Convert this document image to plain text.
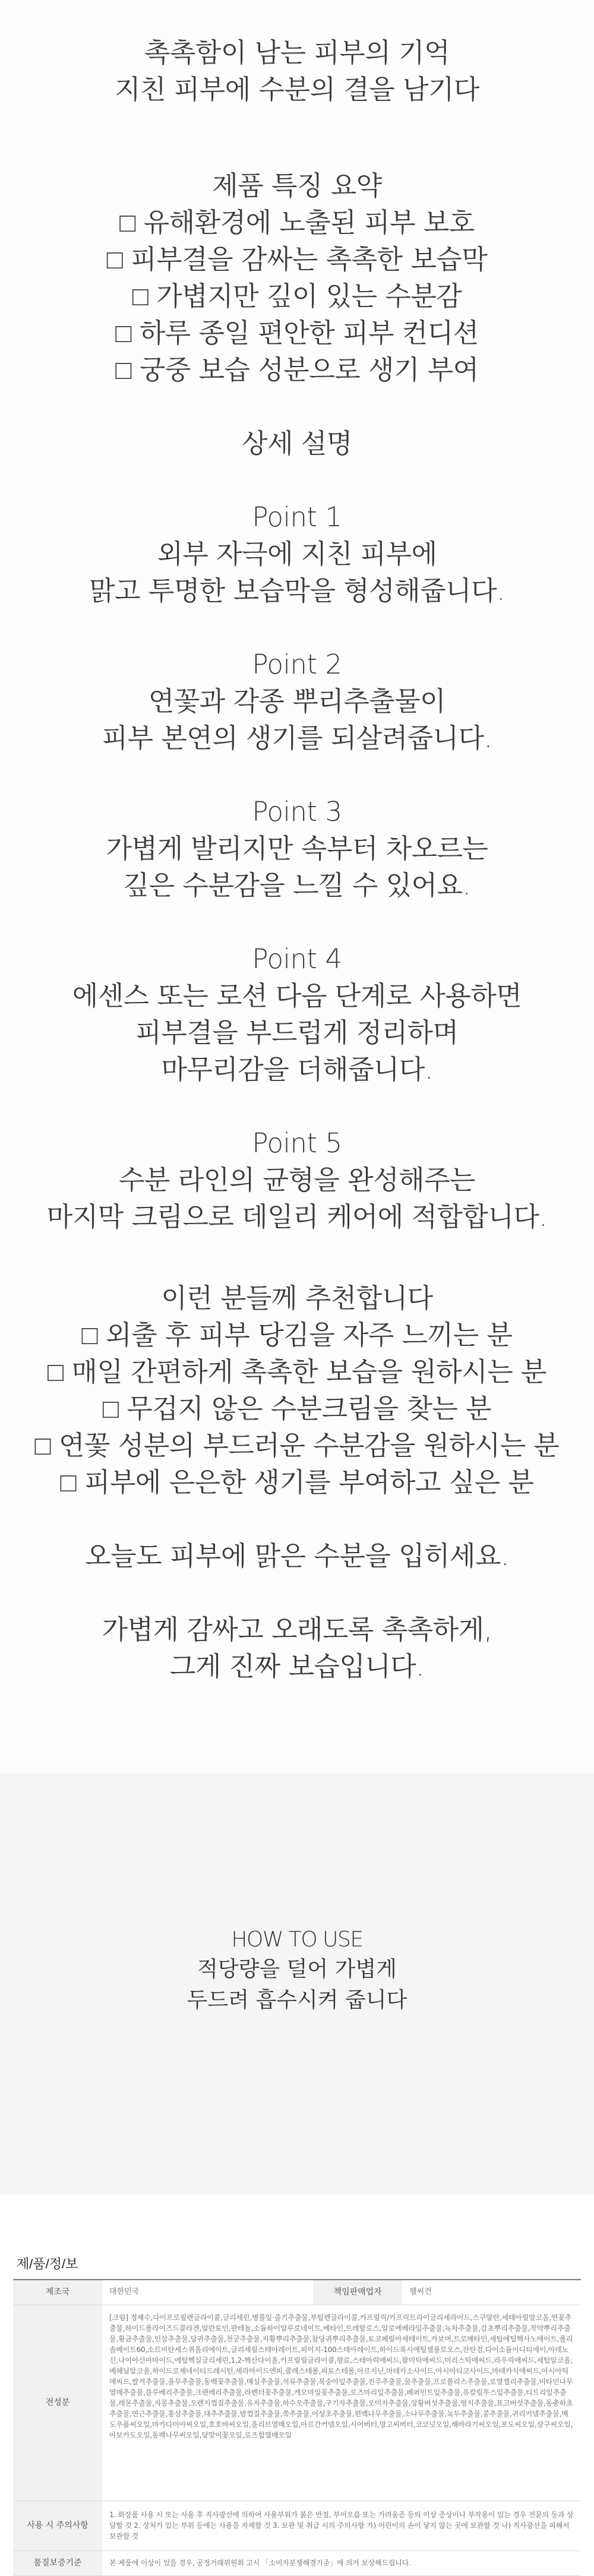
촉촉함이 남는 피부의 기억
지친 피부에 수분의 결을 남기다
제품 특징 요약
□ 유해환경에 노출된 피부 보호
□ 피부결을 감싸는 촉촉한 보습막
□ 가볍지만 깊이 있는 수분감
□ 하루 종일 편안한 피부 컨디션
□ 궁중 보습 성분으로 생기 부여
상세 설명
Point 1
외부 자극에 지친 피부에
맑고 투명한 보습막을 형성해줍니다.
Point 2
연꽃과 각종 뿌리추출물이
피부 본연의 생기를 되살려줍니다.
Point 3
가볍게 발리지만 속부터 차오르는
깊은 수분감을 느낄 수 있어요.
Point 4
에센스 또는 로션 다음 단계로 사용하면
피부결을 부드럽게 정리하며
마무리감을 더해줍니다.
Point 5
수분 라인의 균형을 완성해주는
마지막 크림으로 데일리 케어에 적합합니다.
이런 분들께 추천합니다
□ 외출 후 피부 당김을 자주 느끼는 분
□ 매일 간편하게 촉촉한 보습을 원하시는 분
□ 무겁지 않은 수분크림을 찾는 분
□ 연꽃 성분의 부드러운 수분감을 원하시는 분
□ 피부에 은은한 생기를 부여하고 싶은 분
오늘도 피부에 맑은 수분을 입히세요.
가볍게 감싸고 오래도록 촉촉하게,
그게 진짜 보습입니다.
HOW TO USE
적당량을 덜어 가볍게
두드려 흡수시켜 줍니다
제/품/정/보
제조국	대한민국	책임판매업자	웰씨건
전성분	[크림] 정제수,다이프로필렌글라이콜,글리세린,병풀잎·줄기추출물,부틸렌글라이콜,카프릴릭/카프릭트라이글리세라이드,스쿠알란,세테아릴알코올,연꽃추출물,하이드롤라이즈드콜라겐,알란토인,판테놀,소듐하이알루로네이트,베타인,트레할로스,알로에베라잎추출물,녹차추출물,감초뿌리추출물,작약뿌리추출물,황금추출물,인삼추출물,당귀추출물,천궁추출물,지황뿌리추출물,참당귀뿌리추출물,토코페릴아세테이트,카보머,트로메타민,세틸에틸헥사노에이트,폴리솔베이트60,소르비탄세스퀴올리에이트,글리세릴스테아레이트,피이지-100스테아레이트,하이드록시에틸셀룰로오스,잔탄검,다이소듐이디티에이,아데노신,나이아신아마이드,에틸헥실글리세린,1,2-헥산다이올,카프릴릴글라이콜,향료,스테아릭애씨드,팔미틱애씨드,미리스틱애씨드,라우릭애씨드,세틸알코올,베헤닐알코올,하이드로제네이티드레시틴,세라마이드엔피,콜레스테롤,피토스테롤,아르지닌,마데카소사이드,아시아티코사이드,마데카식애씨드,아시아틱애씨드,쌀겨추출물,율무추출물,동백꽃추출물,매실추출물,석류추출물,복숭아잎추출물,진주추출물,꿀추출물,프로폴리스추출물,로열젤리추출물,비타민나무열매추출물,블루베리추출물,크랜베리추출물,라벤더꽃추출물,캐모마일꽃추출물,로즈마리잎추출물,페퍼민트잎추출물,유칼립투스잎추출물,티트리잎추출물,레몬추출물,자몽추출물,오렌지껍질추출물,유자추출물,하수오추출물,구기자추출물,오미자추출물,상황버섯추출물,영지추출물,표고버섯추출물,동충하초추출물,연근추출물,홍삼추출물,대추추출물,밤껍질추출물,쑥추출물,어성초추출물,편백나무추출물,소나무추출물,녹두추출물,콩추출물,귀리커넬추출물,메도우폼씨오일,마카다미아씨오일,호호바씨오일,올리브열매오일,아르간커넬오일,시어버터,망고씨버터,코코넛오일,해바라기씨오일,포도씨오일,살구씨오일,아보카도오일,동백나무씨오일,달맞이꽃오일,로즈힙열매오일		
사용 시 주의사항	1. 화장품 사용 시 또는 사용 후 직사광선에 의하여 사용부위가 붉은 반점, 부어오름 또는 가려움증 등의 이상 증상이나 부작용이 있는 경우 전문의 등과 상담할 것 2. 상처가 있는 부위 등에는 사용을 자제할 것 3. 보관 및 취급 시의 주의사항 가) 어린이의 손이 닿지 않는 곳에 보관할 것 나) 직사광선을 피해서 보관할 것		
품질보증기준	본 제품에 이상이 있을 경우, 공정거래위원회 고시 「소비자분쟁해결기준」에 의거 보상해드립니다.		
